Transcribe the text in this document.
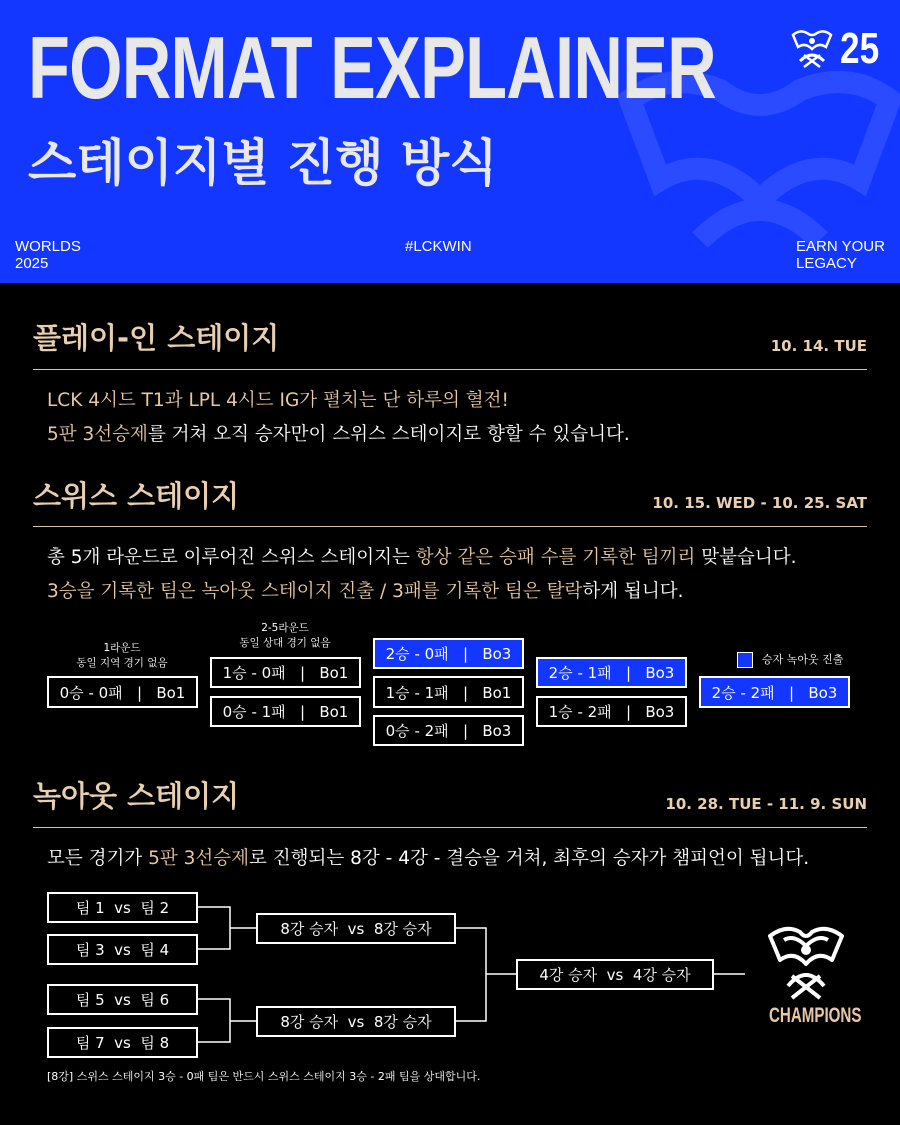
FORMAT EXPLAINER
스테이지별 진행 방식
25
WORLDS
2025
#LCKWIN	EARN YOUR
LEGACY
플레이-인 스테이지	10. 14. TUE
LCK 4시드 T1과 LPL 4시드 IG가 펼치는 단 하루의 혈전!
5판 3선승제를 거쳐 오직 승자만이 스위스 스테이지로 향할 수 있습니다.
스위스 스테이지	10. 15. WED - 10. 25. SAT
총 5개 라운드로 이루어진 스위스 스테이지는 항상 같은 승패 수를 기록한 팀끼리 맞붙습니다.
3승을 기록한 팀은 녹아웃 스테이지 진출 / 3패를 기록한 팀은 탈락하게 됩니다.
1라운드
동일 지역 경기 없음
2-5라운드
동일 상대 경기 없음
0승 - 0패   |   Bo1
1승 - 0패   |   Bo1
0승 - 1패   |   Bo1
2승 - 0패   |   Bo3
1승 - 1패   |   Bo1
0승 - 2패   |   Bo3
2승 - 1패   |   Bo3
1승 - 2패   |   Bo3
2승 - 2패   |   Bo3
승자 녹아웃 진출
녹아웃 스테이지	10. 28. TUE - 11. 9. SUN
모든 경기가 5판 3선승제로 진행되는 8강 - 4강 - 결승을 거쳐, 최후의 승자가 챔피언이 됩니다.
팀 1  vs  팀 2
팀 3  vs  팀 4
팀 5  vs  팀 6
팀 7  vs  팀 8
8강 승자  vs  8강 승자
8강 승자  vs  8강 승자
4강 승자  vs  4강 승자
CHAMPIONS
[8강] 스위스 스테이지 3승 - 0패 팀은 반드시 스위스 스테이지 3승 - 2패 팀을 상대합니다.
